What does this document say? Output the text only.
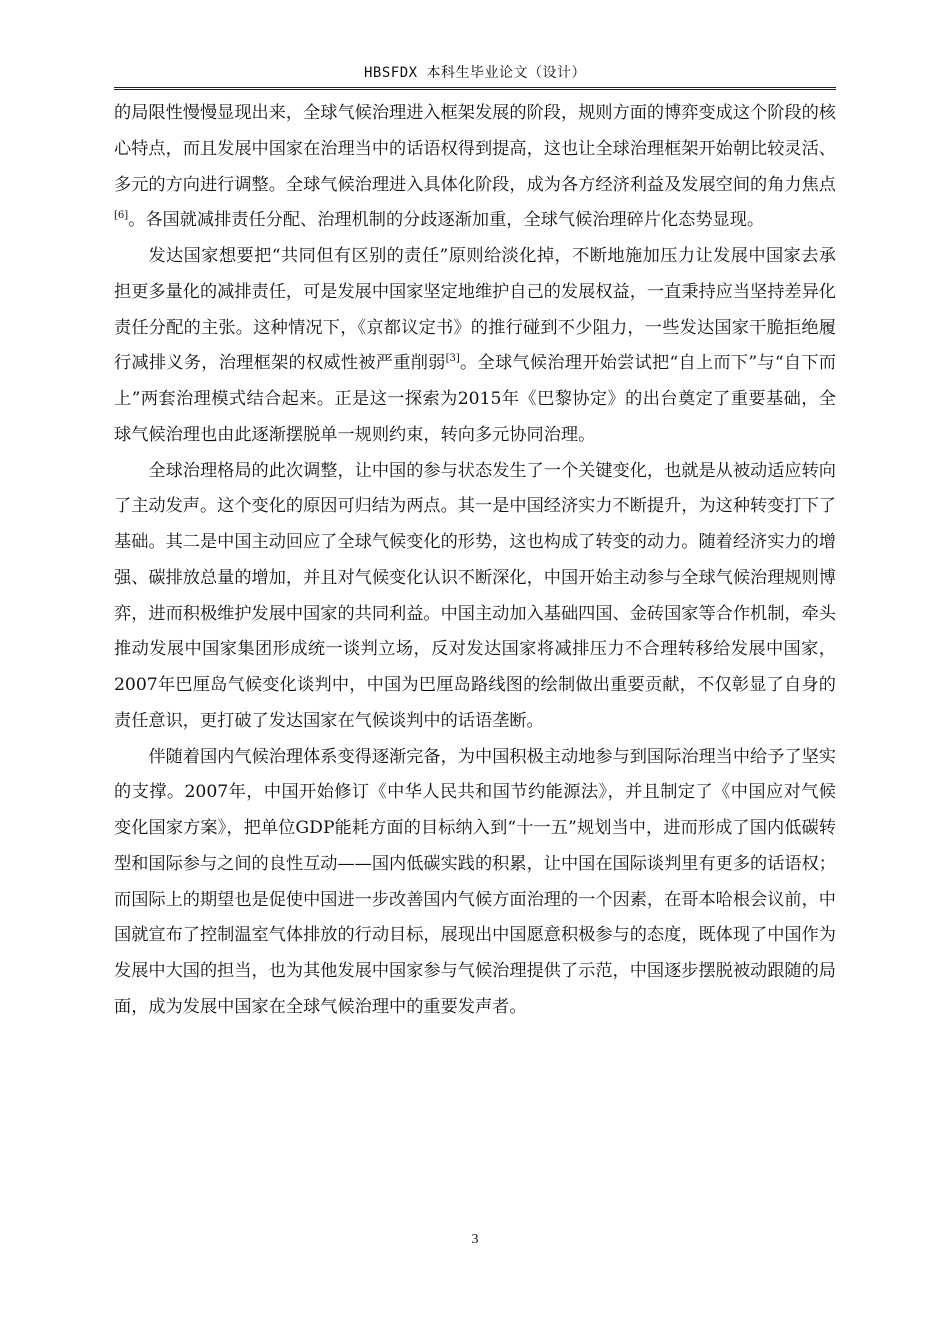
HBSFDX 本科生毕业论文（设计）

的局限性慢慢显现出来，全球气候治理进入框架发展的阶段，规则方面的博弈变成这个阶段的核心特点，而且发展中国家在治理当中的话语权得到提高，这也让全球治理框架开始朝比较灵活、多元的方向进行调整。全球气候治理进入具体化阶段，成为各方经济利益及发展空间的角力焦点[6]。各国就减排责任分配、治理机制的分歧逐渐加重，全球气候治理碎片化态势显现。

发达国家想要把“共同但有区别的责任”原则给淡化掉，不断地施加压力让发展中国家去承担更多量化的减排责任，可是发展中国家坚定地维护自己的发展权益，一直秉持应当坚持差异化责任分配的主张。这种情况下，《京都议定书》的推行碰到不少阻力，一些发达国家干脆拒绝履行减排义务，治理框架的权威性被严重削弱[3]。全球气候治理开始尝试把“自上而下”与“自下而上”两套治理模式结合起来。正是这一探索为2015年《巴黎协定》的出台奠定了重要基础，全球气候治理也由此逐渐摆脱单一规则约束，转向多元协同治理。

全球治理格局的此次调整，让中国的参与状态发生了一个关键变化，也就是从被动适应转向了主动发声。这个变化的原因可归结为两点。其一是中国经济实力不断提升，为这种转变打下了基础。其二是中国主动回应了全球气候变化的形势，这也构成了转变的动力。随着经济实力的增强、碳排放总量的增加，并且对气候变化认识不断深化，中国开始主动参与全球气候治理规则博弈，进而积极维护发展中国家的共同利益。中国主动加入基础四国、金砖国家等合作机制，牵头推动发展中国家集团形成统一谈判立场，反对发达国家将减排压力不合理转移给发展中国家，2007年巴厘岛气候变化谈判中，中国为巴厘岛路线图的绘制做出重要贡献，不仅彰显了自身的责任意识，更打破了发达国家在气候谈判中的话语垄断。

伴随着国内气候治理体系变得逐渐完备，为中国积极主动地参与到国际治理当中给予了坚实的支撑。2007年，中国开始修订《中华人民共和国节约能源法》，并且制定了《中国应对气候变化国家方案》，把单位GDP能耗方面的目标纳入到“十一五”规划当中，进而形成了国内低碳转型和国际参与之间的良性互动——国内低碳实践的积累，让中国在国际谈判里有更多的话语权；而国际上的期望也是促使中国进一步改善国内气候方面治理的一个因素，在哥本哈根会议前，中国就宣布了控制温室气体排放的行动目标，展现出中国愿意积极参与的态度，既体现了中国作为发展中大国的担当，也为其他发展中国家参与气候治理提供了示范，中国逐步摆脱被动跟随的局面，成为发展中国家在全球气候治理中的重要发声者。

3
